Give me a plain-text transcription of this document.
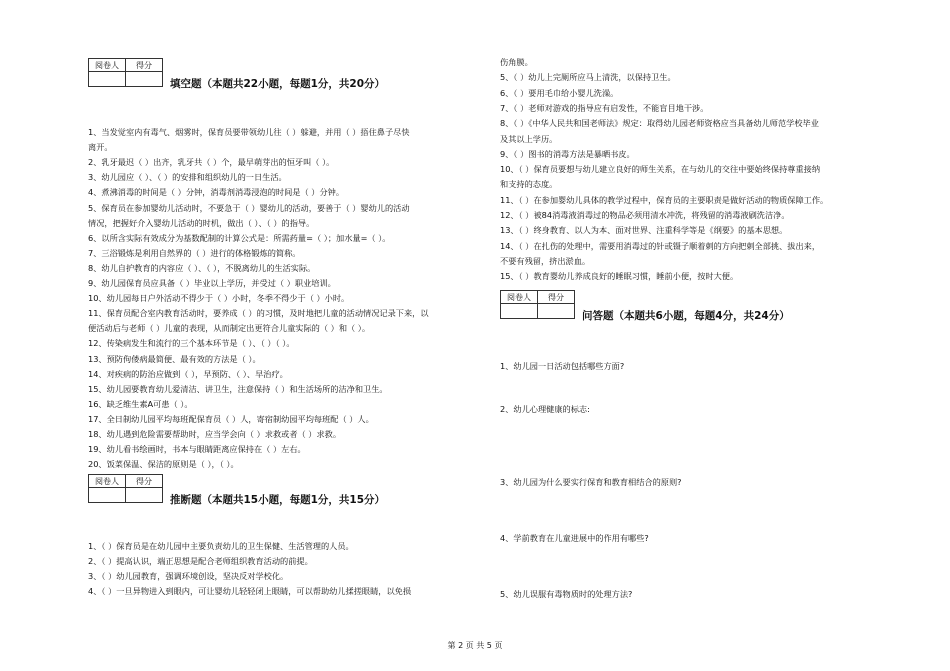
阅卷人	得分

填空题（本题共22小题，每题1分，共20分）
1、当发觉室内有毒气、烟雾时，保育员要带领幼儿往（ ）躲避，并用（ ）捂住鼻子尽快
离开。
2、乳牙最迟（ ）出齐，乳牙共（ ）个，最早萌芽出的恒牙叫（ ）。
3、幼儿园应（ ）、（ ）的安排和组织幼儿的一日生活。
4、煮沸消毒的时间是（ ）分钟，消毒剂消毒浸泡的时间是（ ）分钟。
5、保育员在参加婴幼儿活动时，不要急于（ ）婴幼儿的活动，要善于（ ）婴幼儿的活动
情况，把握好介入婴幼儿活动的时机，做出（ ）、（ ）的指导。
6、以所含实际有效成分为基数配制的计算公式是：所需药量=（ ）；加水量=（ ）。
7、三浴锻炼是利用自然界的（ ）进行的体格锻炼的简称。
8、幼儿自护教育的内容应（ ）、（ ），不脱离幼儿的生活实际。
9、幼儿园保育员应具备（ ）毕业以上学历，并受过（ ）职业培训。
10、幼儿园每日户外活动不得少于（ ）小时，冬季不得少于（ ）小时。
11、保育员配合室内教育活动时，要养成（ ）的习惯，及时地把儿童的活动情况记录下来，以
便活动后与老师（ ）儿童的表现，从而制定出更符合儿童实际的（ ）和（ ）。
12、传染病发生和流行的三个基本环节是（ ）、（ ）（ ）。
13、预防佝偻病最简便、最有效的方法是（ ）。
14、对疾病的防治应做到（ ），早预防、（ ）、早治疗。
15、幼儿园要教育幼儿爱清洁、讲卫生，注意保持（ ）和生活场所的洁净和卫生。
16、缺乏维生素A可患（ ）。
17、全日制幼儿园平均每班配保育员（ ）人，寄宿制幼园平均每班配（ ）人。
18、幼儿遇到危险需要帮助时，应当学会向（ ）求救或者（ ）求救。
19、幼儿看书绘画时，书本与眼睛距离应保持在（ ）左右。
20、饭菜保温、保洁的原则是（ ），（ ）。
阅卷人	得分

推断题（本题共15小题，每题1分，共15分）
1、（ ）保育员是在幼儿园中主要负责幼儿的卫生保健、生活管理的人员。
2、（ ）提高认识，端正思想是配合老师组织教育活动的前提。
3、（ ）幼儿园教育，强调环境创设，坚决反对学校化。
4、（ ）一旦异物进入到眼内，可让婴幼儿轻轻闭上眼睛，可以帮助幼儿揉搓眼睛，以免损
伤角膜。
5、（ ）幼儿上完厕所应马上清洗，以保持卫生。
6、（ ）要用毛巾给小婴儿洗澡。
7、（ ）老师对游戏的指导应有启发性，不能盲目地干涉。
8、（ ）《中华人民共和国老师法》规定：取得幼儿园老师资格应当具备幼儿师范学校毕业
及其以上学历。
9、（ ）图书的消毒方法是暴晒书皮。
10、（ ）保育员要想与幼儿建立良好的师生关系，在与幼儿的交往中要始终保持尊重接纳
和支持的态度。
11、（ ）在参加婴幼儿具体的教学过程中，保育员的主要职责是做好活动的物质保障工作。
12、（ ）被84消毒液消毒过的物品必须用清水冲洗，将残留的消毒液刷洗洁净。
13、（ ）终身教育、以人为本、面对世界、注重科学等是《纲要》的基本思想。
14、（ ）在扎伤的处理中，需要用消毒过的针或镊子顺着刺的方向把刺全部挑、拔出来，
不要有残留，挤出淤血。
15、（ ）教育婴幼儿养成良好的睡眠习惯，睡前小便，按时大便。
阅卷人	得分

问答题（本题共6小题，每题4分，共24分）
1、幼儿园一日活动包括哪些方面?
2、幼儿心理健康的标志:
3、幼儿园为什么要实行保育和教育相结合的原则?
4、学前教育在儿童进展中的作用有哪些?
5、幼儿误服有毒物质时的处理方法?
第 2 页 共 5 页
